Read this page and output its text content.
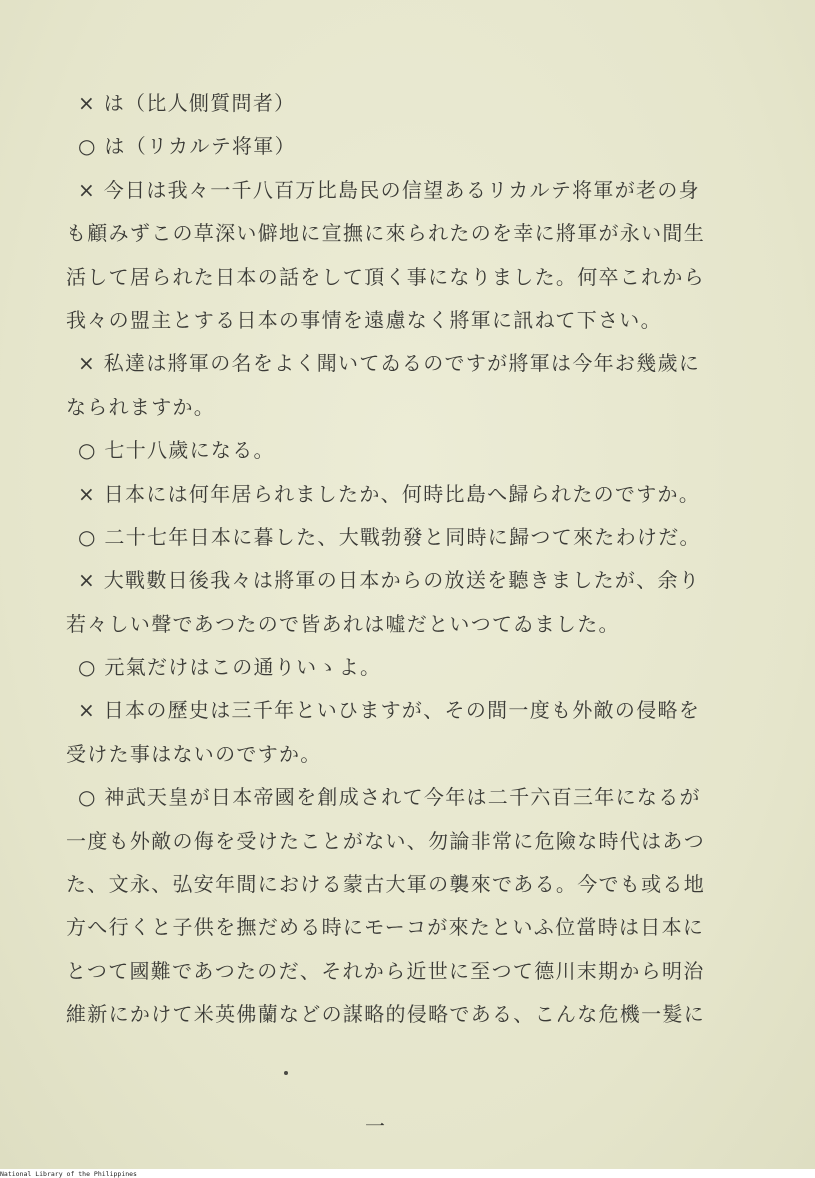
× は（比人側質問者）
○ は（リカルテ将軍）
× 今日は我々一千八百万比島民の信望あるリカルテ将軍が老の身
も顧みずこの草深い僻地に宣撫に來られたのを幸に將軍が永い間生
活して居られた日本の話をして頂く事になりました。何卒これから
我々の盟主とする日本の事情を遠慮なく將軍に訊ねて下さい。
× 私達は將軍の名をよく聞いてゐるのですが將軍は今年お幾歲に
なられますか。
○ 七十八歲になる。
× 日本には何年居られましたか、何時比島へ歸られたのですか。
○ 二十七年日本に暮した、大戰勃發と同時に歸つて來たわけだ。
× 大戰數日後我々は將軍の日本からの放送を聽きましたが、余り
若々しい聲であつたので皆あれは噓だといつてゐました。
○ 元氣だけはこの通りいゝよ。
× 日本の歷史は三千年といひますが、その間一度も外敵の侵略を
受けた事はないのですか。
○ 神武天皇が日本帝國を創成されて今年は二千六百三年になるが
一度も外敵の侮を受けたことがない、勿論非常に危險な時代はあつ
た、文永、弘安年間における蒙古大軍の襲來である。今でも或る地
方へ行くと子供を撫だめる時にモーコが來たといふ位當時は日本に
とつて國難であつたのだ、それから近世に至つて德川末期から明治
維新にかけて米英佛蘭などの謀略的侵略である、こんな危機一髮に
一
National Library of the Philippines
